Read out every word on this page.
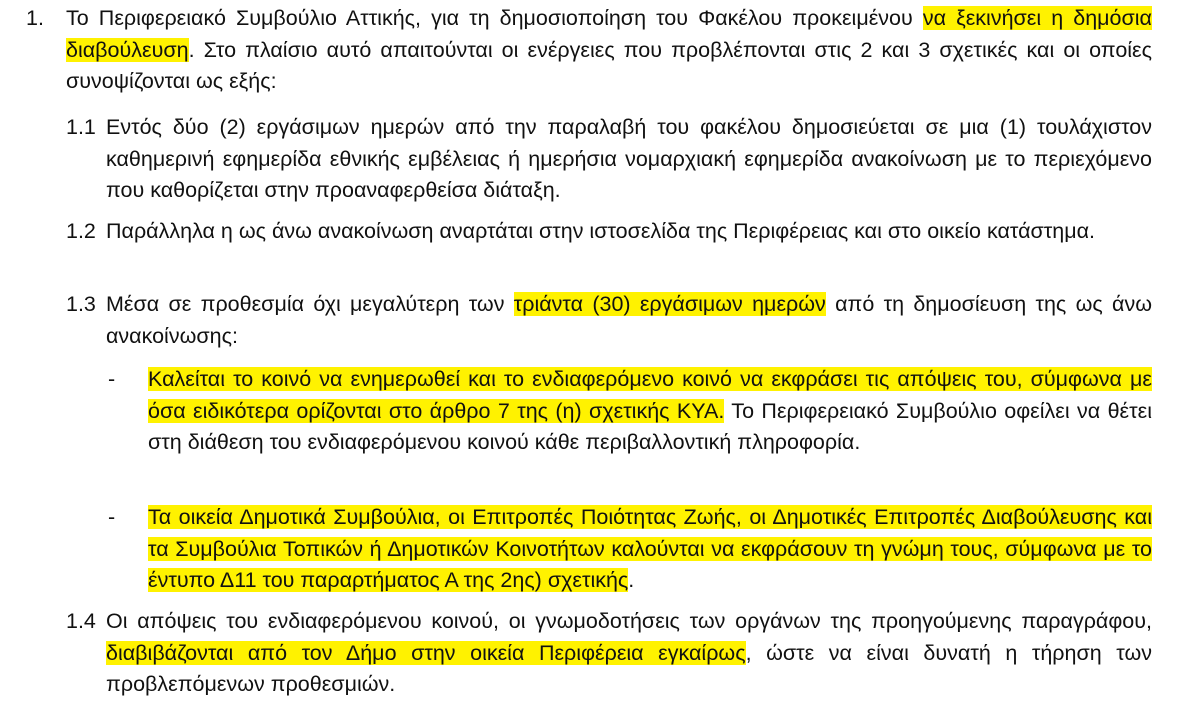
1. Το Περιφερειακό Συμβούλιο Αττικής, για τη δημοσιοποίηση του Φακέλου προκειμένου να ξεκινήσει η δημόσια διαβούλευση. Στο πλαίσιο αυτό απαιτούνται οι ενέργειες που προβλέπονται στις 2 και 3 σχετικές και οι οποίες συνοψίζονται ως εξής:
1.1 Εντός δύο (2) εργάσιμων ημερών από την παραλαβή του φακέλου δημοσιεύεται σε μια (1) τουλάχιστον καθημερινή εφημερίδα εθνικής εμβέλειας ή ημερήσια νομαρχιακή εφημερίδα ανακοίνωση με το περιεχόμενο που καθορίζεται στην προαναφερθείσα διάταξη.
1.2 Παράλληλα η ως άνω ανακοίνωση αναρτάται στην ιστοσελίδα της Περιφέρειας και στο οικείο κατάστημα.
1.3 Μέσα σε προθεσμία όχι μεγαλύτερη των τριάντα (30) εργάσιμων ημερών από τη δημοσίευση της ως άνω ανακοίνωσης:
- Καλείται το κοινό να ενημερωθεί και το ενδιαφερόμενο κοινό να εκφράσει τις απόψεις του, σύμφωνα με όσα ειδικότερα ορίζονται στο άρθρο 7 της (η) σχετικής ΚΥΑ. Το Περιφερειακό Συμβούλιο οφείλει να θέτει στη διάθεση του ενδιαφερόμενου κοινού κάθε περιβαλλοντική πληροφορία.
- Τα οικεία Δημοτικά Συμβούλια, οι Επιτροπές Ποιότητας Ζωής, οι Δημοτικές Επιτροπές Διαβούλευσης και τα Συμβούλια Τοπικών ή Δημοτικών Κοινοτήτων καλούνται να εκφράσουν τη γνώμη τους, σύμφωνα με το έντυπο Δ11 του παραρτήματος Α της 2ης) σχετικής.
1.4 Οι απόψεις του ενδιαφερόμενου κοινού, οι γνωμοδοτήσεις των οργάνων της προηγούμενης παραγράφου, διαβιβάζονται από τον Δήμο στην οικεία Περιφέρεια εγκαίρως, ώστε να είναι δυνατή η τήρηση των προβλεπόμενων προθεσμιών.
